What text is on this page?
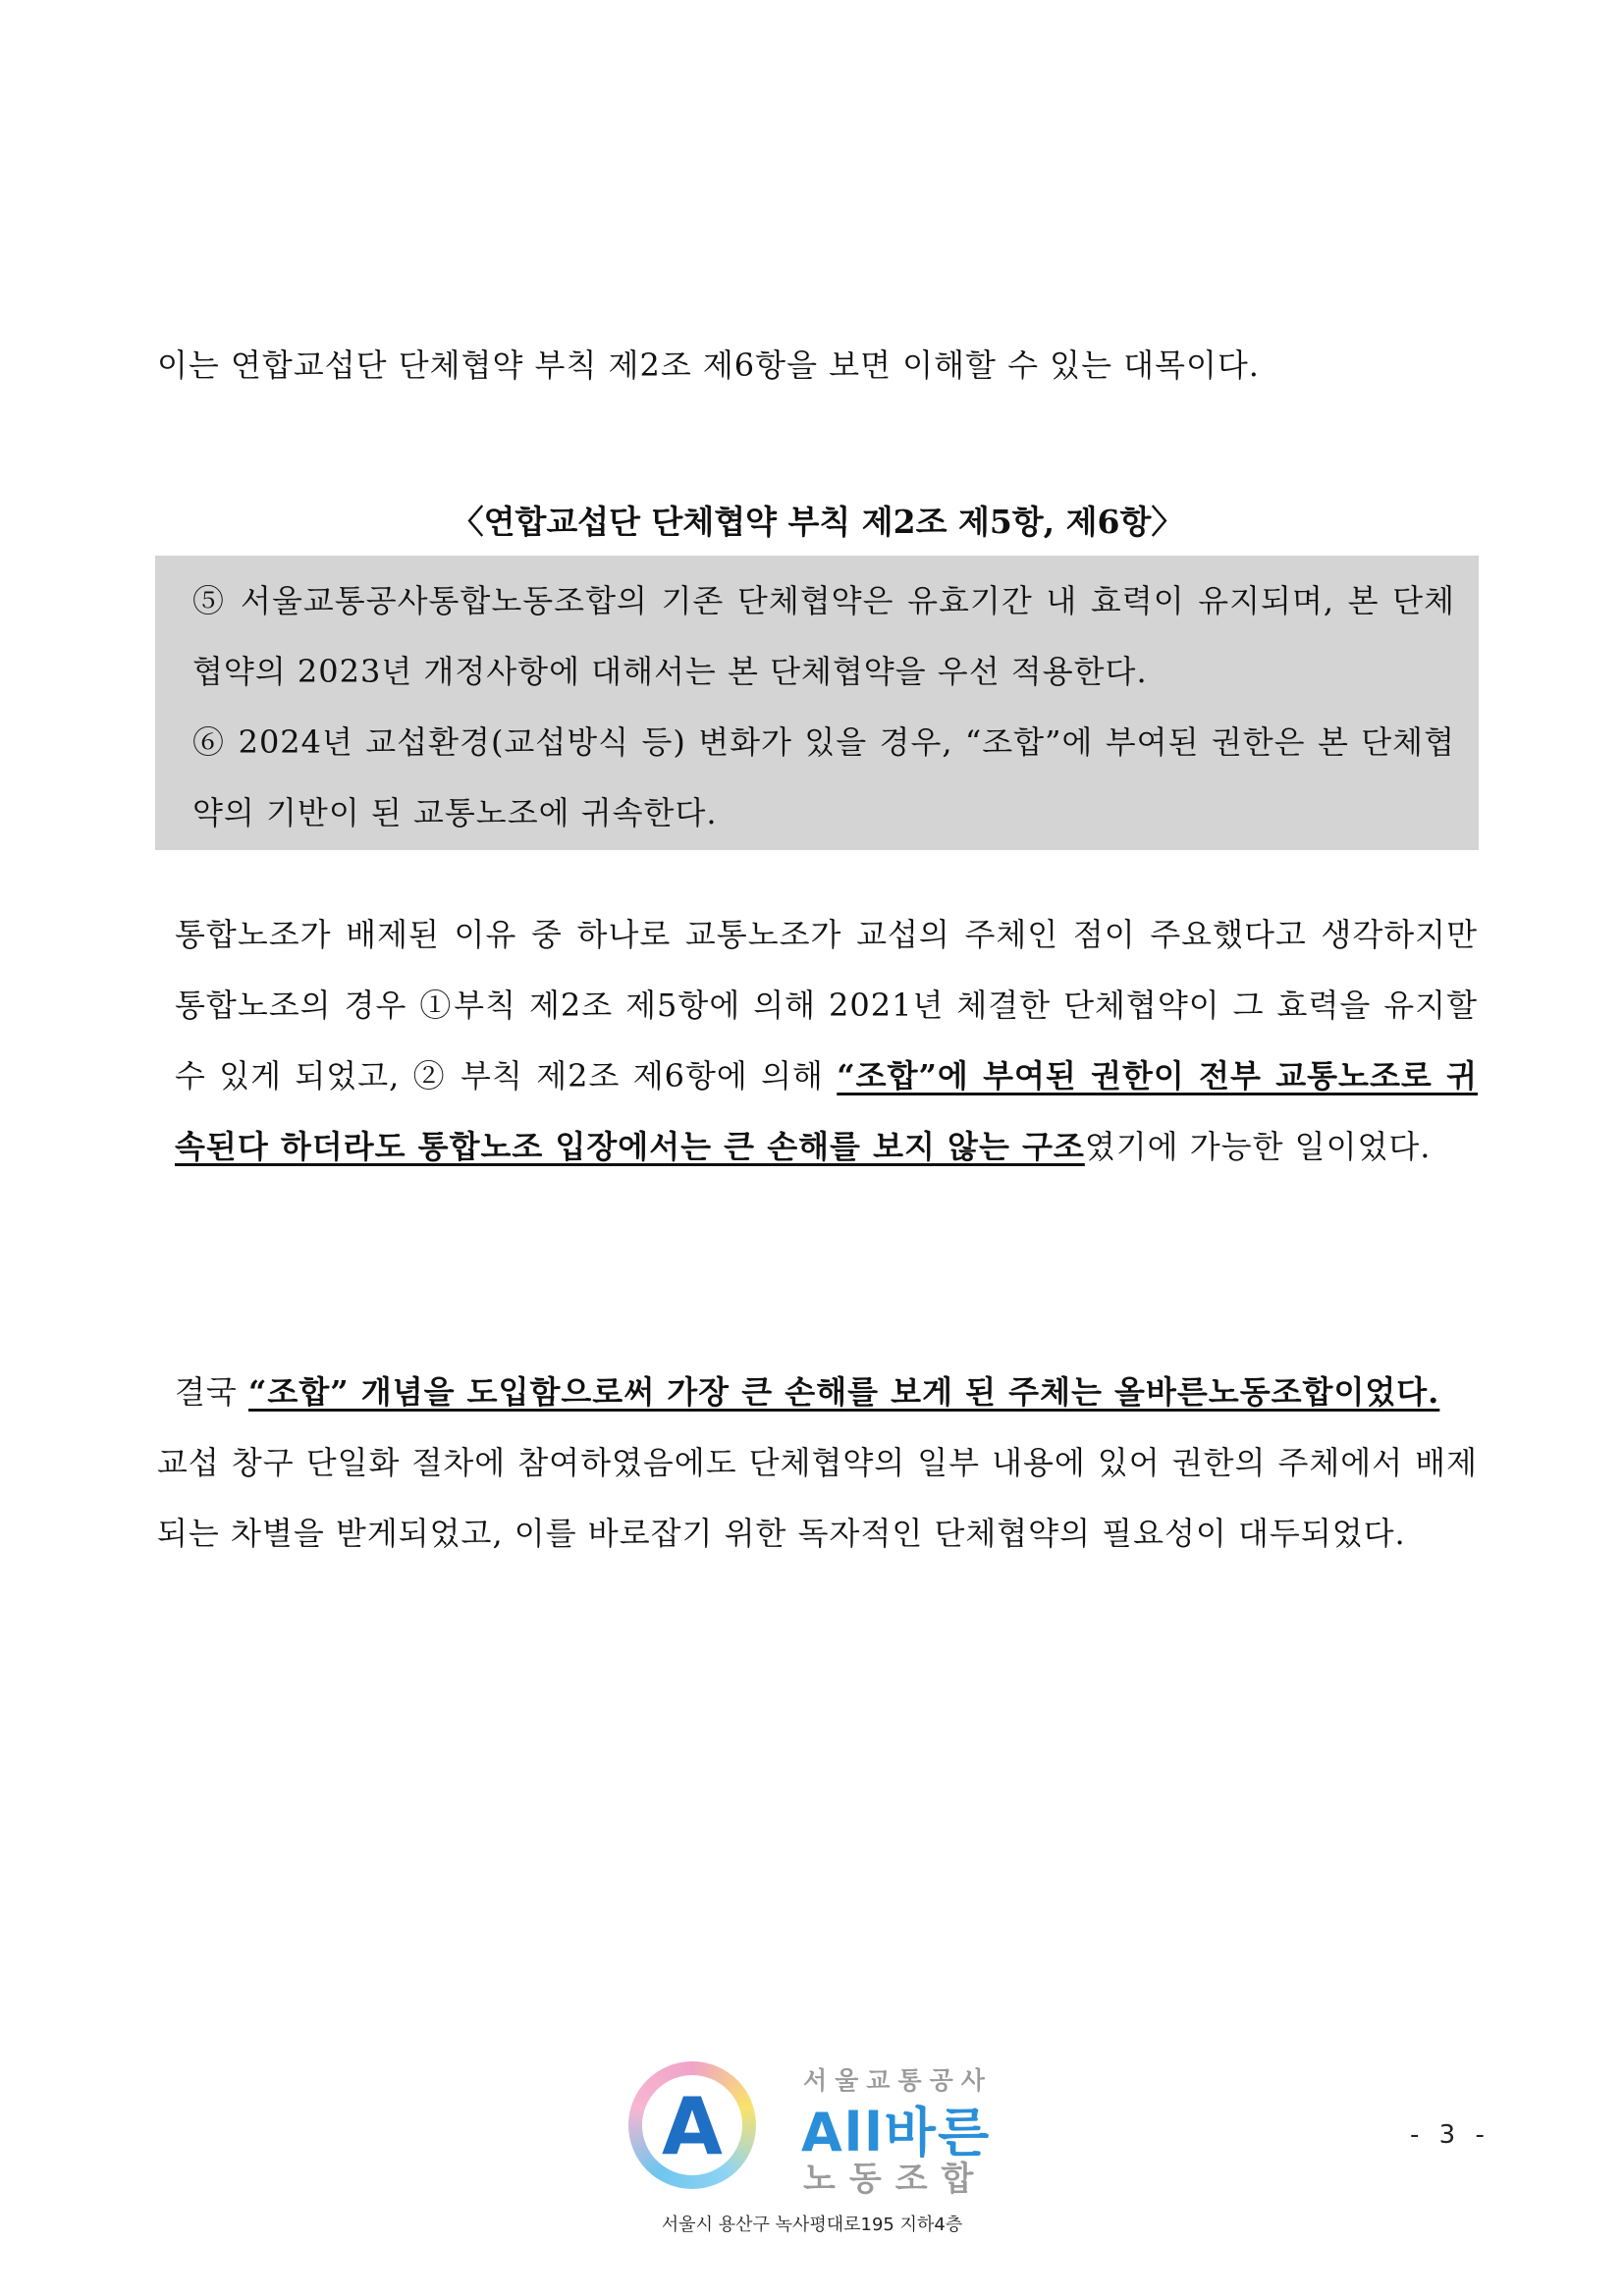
이는 연합교섭단 단체협약 부칙 제2조 제6항을 보면 이해할 수 있는 대목이다.

〈연합교섭단 단체협약 부칙 제2조 제5항, 제6항〉

⑤ 서울교통공사통합노동조합의 기존 단체협약은 유효기간 내 효력이 유지되며, 본 단체협약의 2023년 개정사항에 대해서는 본 단체협약을 우선 적용한다.

⑥ 2024년 교섭환경(교섭방식 등) 변화가 있을 경우, “조합”에 부여된 권한은 본 단체협약의 기반이 된 교통노조에 귀속한다.

통합노조가 배제된 이유 중 하나로 교통노조가 교섭의 주체인 점이 주요했다고 생각하지만 통합노조의 경우 ①부칙 제2조 제5항에 의해 2021년 체결한 단체협약이 그 효력을 유지할 수 있게 되었고, ② 부칙 제2조 제6항에 의해 “조합”에 부여된 권한이 전부 교통노조로 귀속된다 하더라도 통합노조 입장에서는 큰 손해를 보지 않는 구조였기에 가능한 일이었다.

결국 “조합” 개념을 도입함으로써 가장 큰 손해를 보게 된 주체는 올바른노동조합이었다.

교섭 창구 단일화 절차에 참여하였음에도 단체협약의 일부 내용에 있어 권한의 주체에서 배제되는 차별을 받게되었고, 이를 바로잡기 위한 독자적인 단체협약의 필요성이 대두되었다.

A
서울교통공사
All바른
노동조합
서울시 용산구 녹사평대로195 지하4층
- 3 -
